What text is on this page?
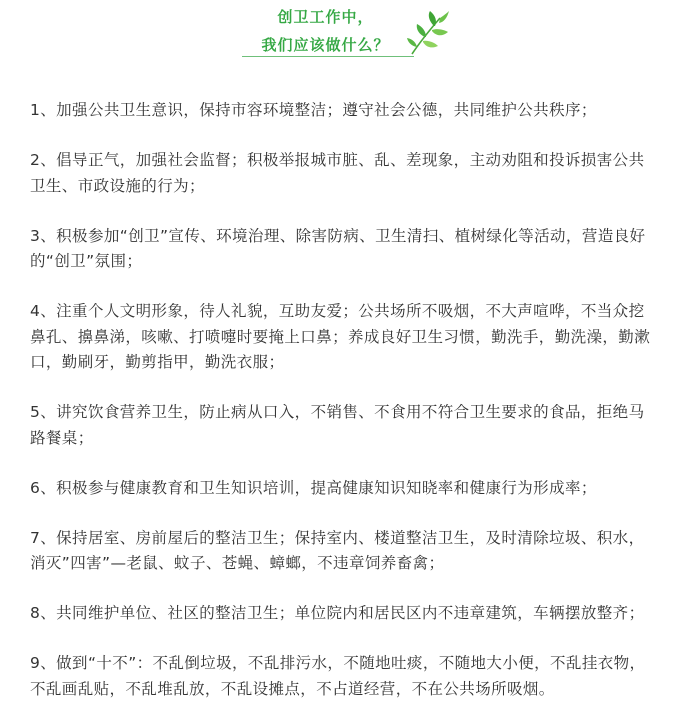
创卫工作中，
我们应该做什么？

1、加强公共卫生意识，保持市容环境整洁；遵守社会公德，共同维护公共秩序；

2、倡导正气，加强社会监督；积极举报城市脏、乱、差现象，主动劝阻和投诉损害公共卫生、市政设施的行为；

3、积极参加“创卫”宣传、环境治理、除害防病、卫生清扫、植树绿化等活动，营造良好的“创卫”氛围；

4、注重个人文明形象，待人礼貌，互助友爱；公共场所不吸烟，不大声喧哗，不当众挖鼻孔、擤鼻涕，咳嗽、打喷嚏时要掩上口鼻；养成良好卫生习惯，勤洗手，勤洗澡，勤漱口，勤刷牙，勤剪指甲，勤洗衣服；

5、讲究饮食营养卫生，防止病从口入，不销售、不食用不符合卫生要求的食品，拒绝马路餐桌；

6、积极参与健康教育和卫生知识培训，提高健康知识知晓率和健康行为形成率；

7、保持居室、房前屋后的整洁卫生；保持室内、楼道整洁卫生，及时清除垃圾、积水，消灭”四害”—老鼠、蚊子、苍蝇、蟑螂，不违章饲养畜禽；

8、共同维护单位、社区的整洁卫生；单位院内和居民区内不违章建筑，车辆摆放整齐；

9、做到“十不”：不乱倒垃圾，不乱排污水，不随地吐痰，不随地大小便，不乱挂衣物，不乱画乱贴，不乱堆乱放，不乱设摊点，不占道经营，不在公共场所吸烟。
